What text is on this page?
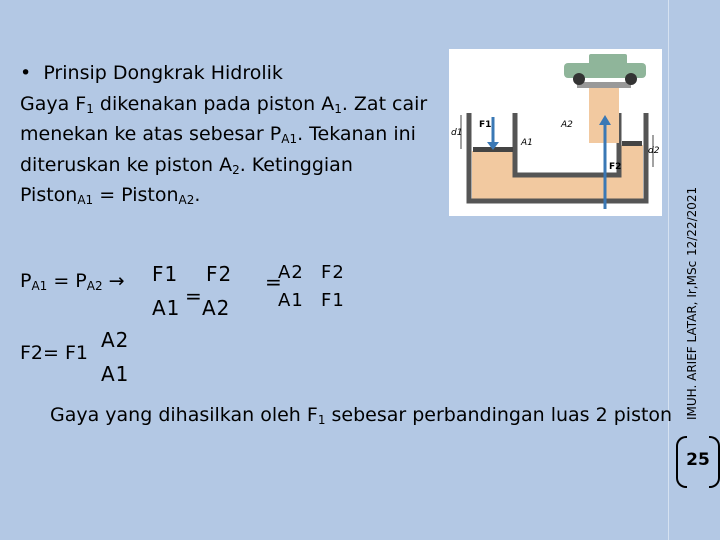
12/22/2021
IMUH. ARIEF LATAR, Ir,MSc
25
• Prinsip Dongkrak Hidrolik
Gaya $F_1$ dikenakan pada piston $A_1$. Zat cair
menekan ke atas sebesar $P_{A1}$. Tekanan ini
diteruskan ke piston $A_2$. Ketinggian
Piston$_{A1}$ = Piston$_{A2}$.
d1
d2
F1
F2
A1
A2
$P_{A1} = P_{A2} \to F1$
A1 =
F2
A2
=
A2
A1
F2
F1
F2= F1
A2
A1
Gaya yang dihasilkan oleh $F_1$ sebesar perbandingan luas 2 piston
